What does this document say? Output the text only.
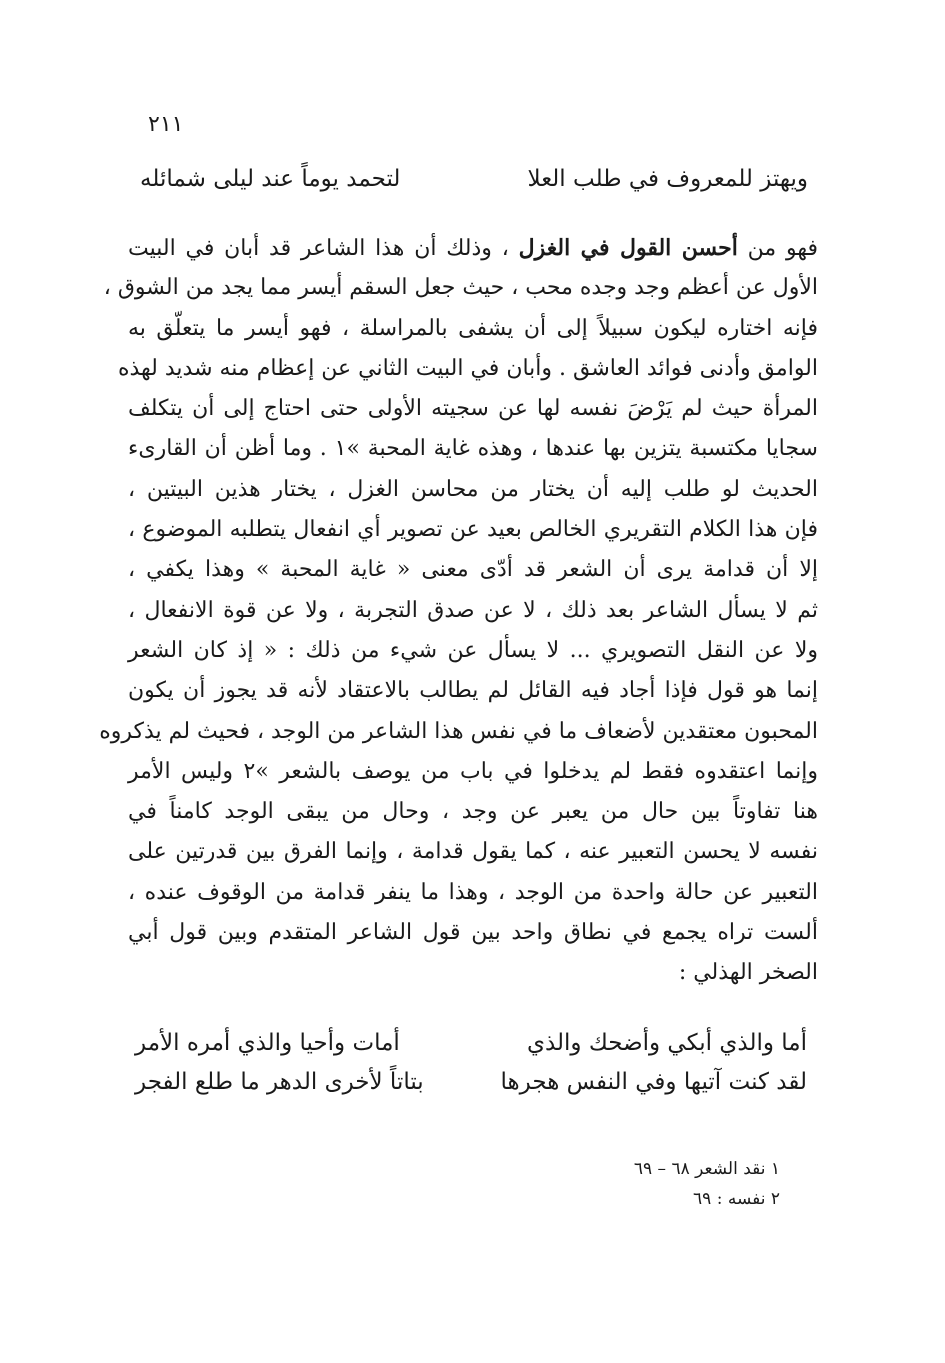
٢١١
ويهتز للمعروف في طلب العلا
لتحمد يوماً عند ليلى شمائله
فهو من أحسن القول في الغزل ، وذلك أن هذا الشاعر قد أبان في البيت
الأول عن أعظم وجد وجده محب ، حيث جعل السقم أيسر مما يجد من الشوق ،
فإنه اختاره ليكون سبيلاً إلى أن يشفى بالمراسلة ، فهو أيسر ما يتعلّق به
الوامق وأدنى فوائد العاشق . وأبان في البيت الثاني عن إعظام منه شديد لهذه
المرأة حيث لم يَرْضَ نفسه لها عن سجيته الأولى حتى احتاج إلى أن يتكلف
سجايا مكتسبة يتزين بها عندها ، وهذه غاية المحبة »١ . وما أظن أن القارىء
الحديث لو طلب إليه أن يختار من محاسن الغزل ، يختار هذين البيتين ،
فإن هذا الكلام التقريري الخالص بعيد عن تصوير أي انفعال يتطلبه الموضوع ،
إلا أن قدامة يرى أن الشعر قد أدّى معنى « غاية المحبة » وهذا يكفي ،
ثم لا يسأل الشاعر بعد ذلك ، لا عن صدق التجربة ، ولا عن قوة الانفعال ،
ولا عن النقل التصويري ... لا يسأل عن شيء من ذلك : « إذ كان الشعر
إنما هو قول فإذا أجاد فيه القائل لم يطالب بالاعتقاد لأنه قد يجوز أن يكون
المحبون معتقدين لأضعاف ما في نفس هذا الشاعر من الوجد ، فحيث لم يذكروه
وإنما اعتقدوه فقط لم يدخلوا في باب من يوصف بالشعر »٢ وليس الأمر
هنا تفاوتاً بين حال من يعبر عن وجد ، وحال من يبقى الوجد كامناً في
نفسه لا يحسن التعبير عنه ، كما يقول قدامة ، وإنما الفرق بين قدرتين على
التعبير عن حالة واحدة من الوجد ، وهذا ما ينفر قدامة من الوقوف عنده ،
ألست تراه يجمع في نطاق واحد بين قول الشاعر المتقدم وبين قول أبي
الصخر الهذلي :
أما والذي أبكي وأضحك والذي
أمات وأحيا والذي أمره الأمر
لقد كنت آتيها وفي النفس هجرها
بتاتاً لأخرى الدهر ما طلع الفجر
١ نقد الشعر ٦٨ – ٦٩
٢ نفسه : ٦٩
